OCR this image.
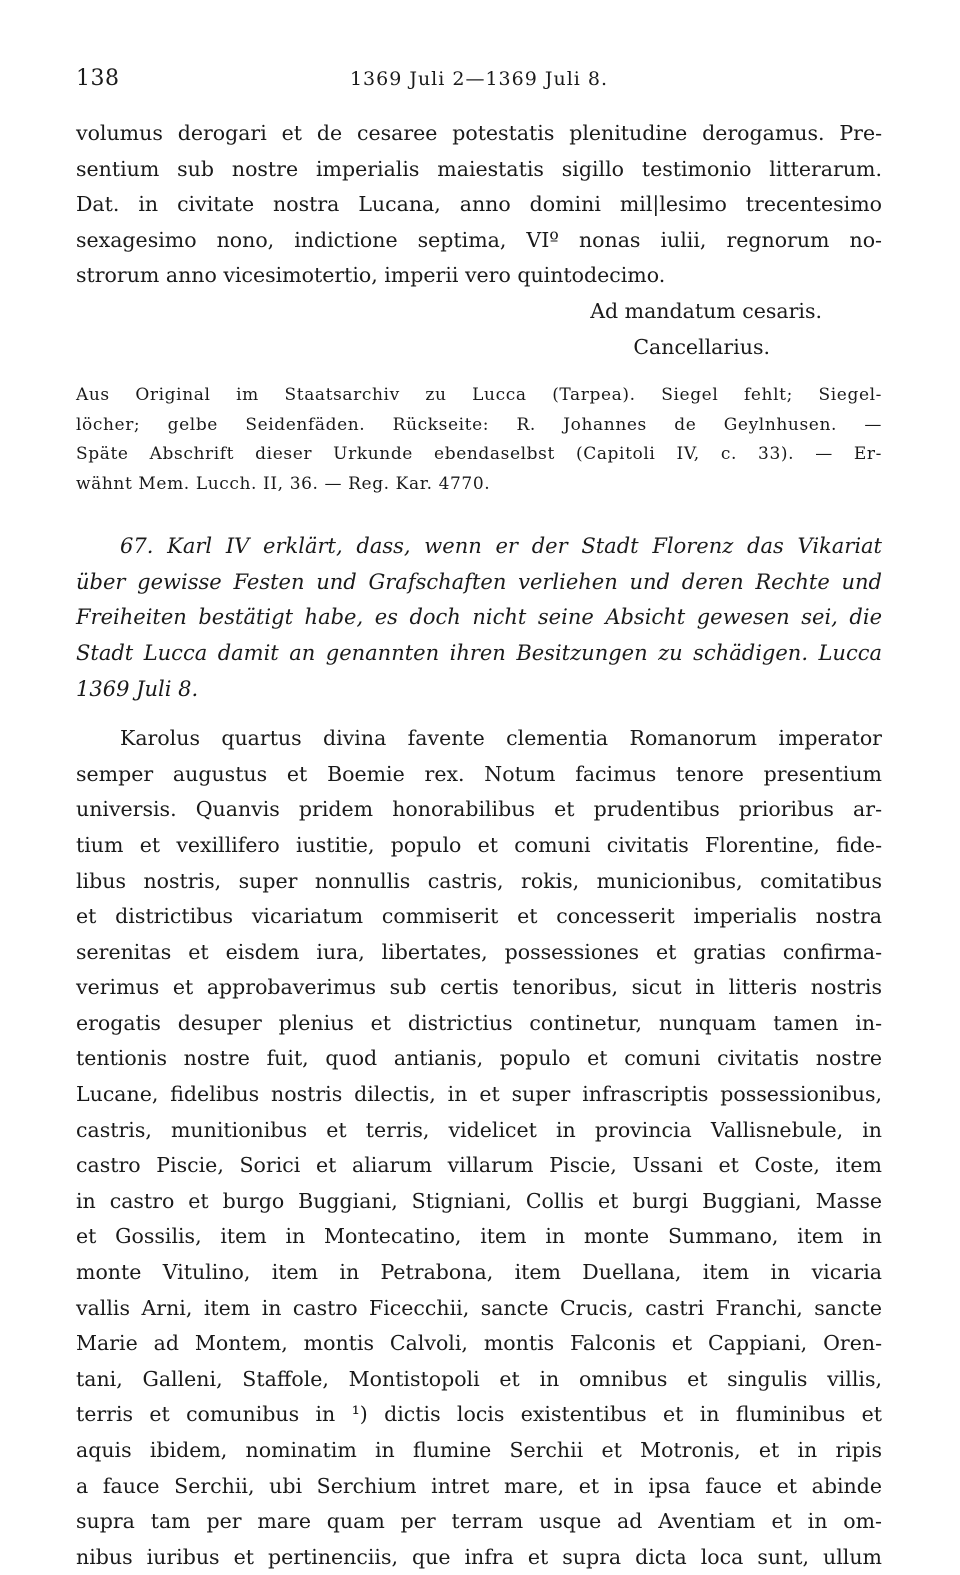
138	1369 Juli 2—1369 Juli 8.

volumus derogari et de cesaree potestatis plenitudine derogamus. Pre-
sentium sub nostre imperialis maiestatis sigillo testimonio litterarum.
Dat. in civitate nostra Lucana, anno domini mil|lesimo trecentesimo
sexagesimo nono, indictione septima, VIº nonas iulii, regnorum no-
strorum anno vicesimotertio, imperii vero quintodecimo.

Ad mandatum cesaris.
Cancellarius.
Aus Original im Staatsarchiv zu Lucca (Tarpea). Siegel fehlt; Siegel-
löcher; gelbe Seidenfäden. Rückseite: R. Johannes de Geylnhusen. —
Späte Abschrift dieser Urkunde ebendaselbst (Capitoli IV, c. 33). — Er-
wähnt Mem. Lucch. II, 36. — Reg. Kar. 4770.
67. Karl IV erklärt, dass, wenn er der Stadt Florenz das Vikariat
über gewisse Festen und Grafschaften verliehen und deren Rechte und
Freiheiten bestätigt habe, es doch nicht seine Absicht gewesen sei, die
Stadt Lucca damit an genannten ihren Besitzungen zu schädigen. Lucca
1369 Juli 8.

Karolus quartus divina favente clementia Romanorum imperator
semper augustus et Boemie rex. Notum facimus tenore presentium
universis. Quanvis pridem honorabilibus et prudentibus prioribus ar-
tium et vexillifero iustitie, populo et comuni civitatis Florentine, fide-
libus nostris, super nonnullis castris, rokis, municionibus, comitatibus
et districtibus vicariatum commiserit et concesserit imperialis nostra
serenitas et eisdem iura, libertates, possessiones et gratias confirma-
verimus et approbaverimus sub certis tenoribus, sicut in litteris nostris
erogatis desuper plenius et districtius continetur, nunquam tamen in-
tentionis nostre fuit, quod antianis, populo et comuni civitatis nostre
Lucane, fidelibus nostris dilectis, in et super infrascriptis possessionibus,
castris, munitionibus et terris, videlicet in provincia Vallisnebule, in
castro Piscie, Sorici et aliarum villarum Piscie, Ussani et Coste, item
in castro et burgo Buggiani, Stigniani, Collis et burgi Buggiani, Masse
et Gossilis, item in Montecatino, item in monte Summano, item in
monte Vitulino, item in Petrabona, item Duellana, item in vicaria
vallis Arni, item in castro Ficecchii, sancte Crucis, castri Franchi, sancte
Marie ad Montem, montis Calvoli, montis Falconis et Cappiani, Oren-
tani, Galleni, Staffole, Montistopoli et in omnibus et singulis villis,
terris et comunibus in ¹) dictis locis existentibus et in fluminibus et
aquis ibidem, nominatim in flumine Serchii et Motronis, et in ripis
a fauce Serchii, ubi Serchium intret mare, et in ipsa fauce et abinde
supra tam per mare quam per terram usque ad Aventiam et in om-
nibus iuribus et pertinenciis, que infra et supra dicta loca sunt, ullum
